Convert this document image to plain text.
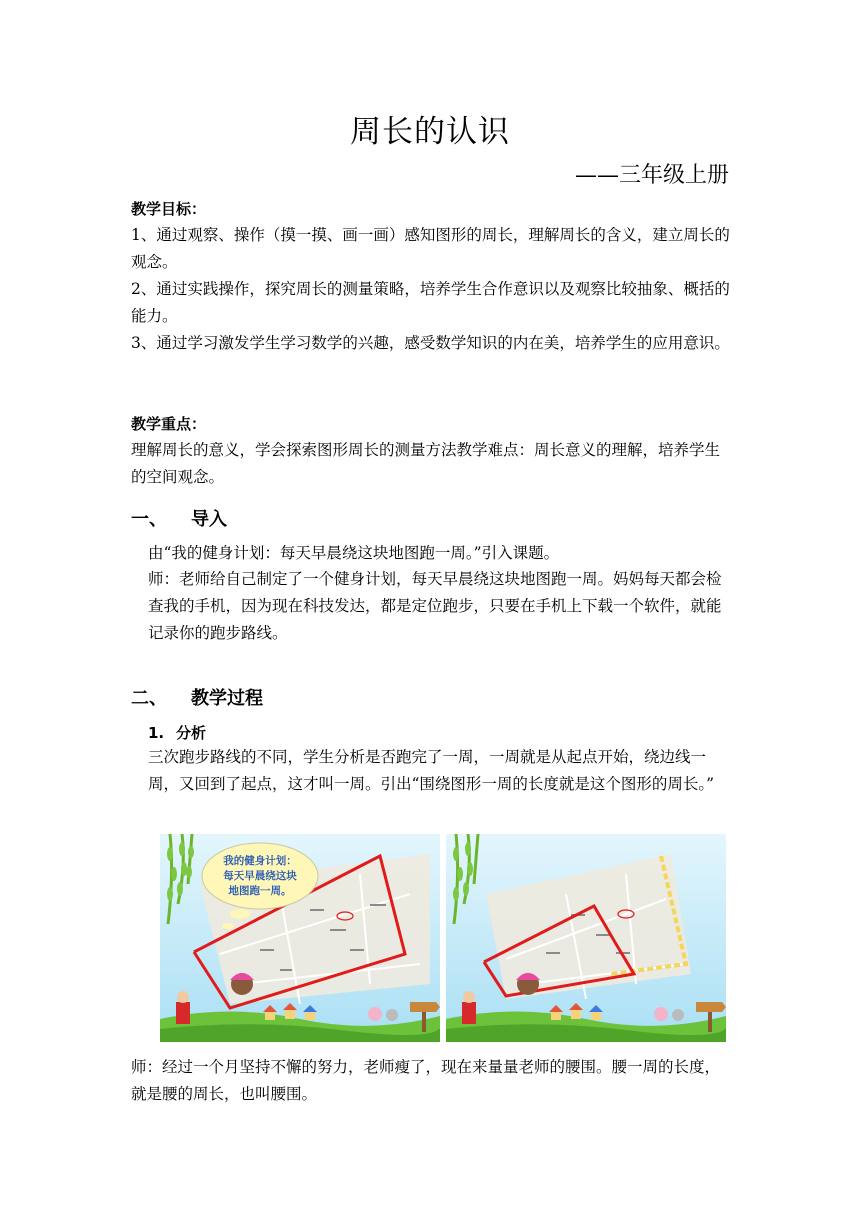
周长的认识
——三年级上册
教学目标：
1、通过观察、操作（摸一摸、画一画）感知图形的周长，理解周长的含义，建立周长的观念。
2、通过实践操作，探究周长的测量策略，培养学生合作意识以及观察比较抽象、概括的能力。
3、通过学习激发学生学习数学的兴趣，感受数学知识的内在美，培养学生的应用意识。
教学重点：
理解周长的意义，学会探索图形周长的测量方法教学难点：周长意义的理解，培养学生的空间观念。
一、 导入
由“我的健身计划：每天早晨绕这块地图跑一周。”引入课题。
师：老师给自己制定了一个健身计划，每天早晨绕这块地图跑一周。妈妈每天都会检查我的手机，因为现在科技发达，都是定位跑步，只要在手机上下载一个软件，就能记录你的跑步路线。
二、 教学过程
1. 分析
三次跑步路线的不同，学生分析是否跑完了一周，一周就是从起点开始，绕边线一周，又回到了起点，这才叫一周。引出“围绕图形一周的长度就是这个图形的周长。”
我的健身计划：
每天早晨绕这块
地图跑一周。
师：经过一个月坚持不懈的努力，老师瘦了，现在来量量老师的腰围。腰一周的长度，就是腰的周长，也叫腰围。
